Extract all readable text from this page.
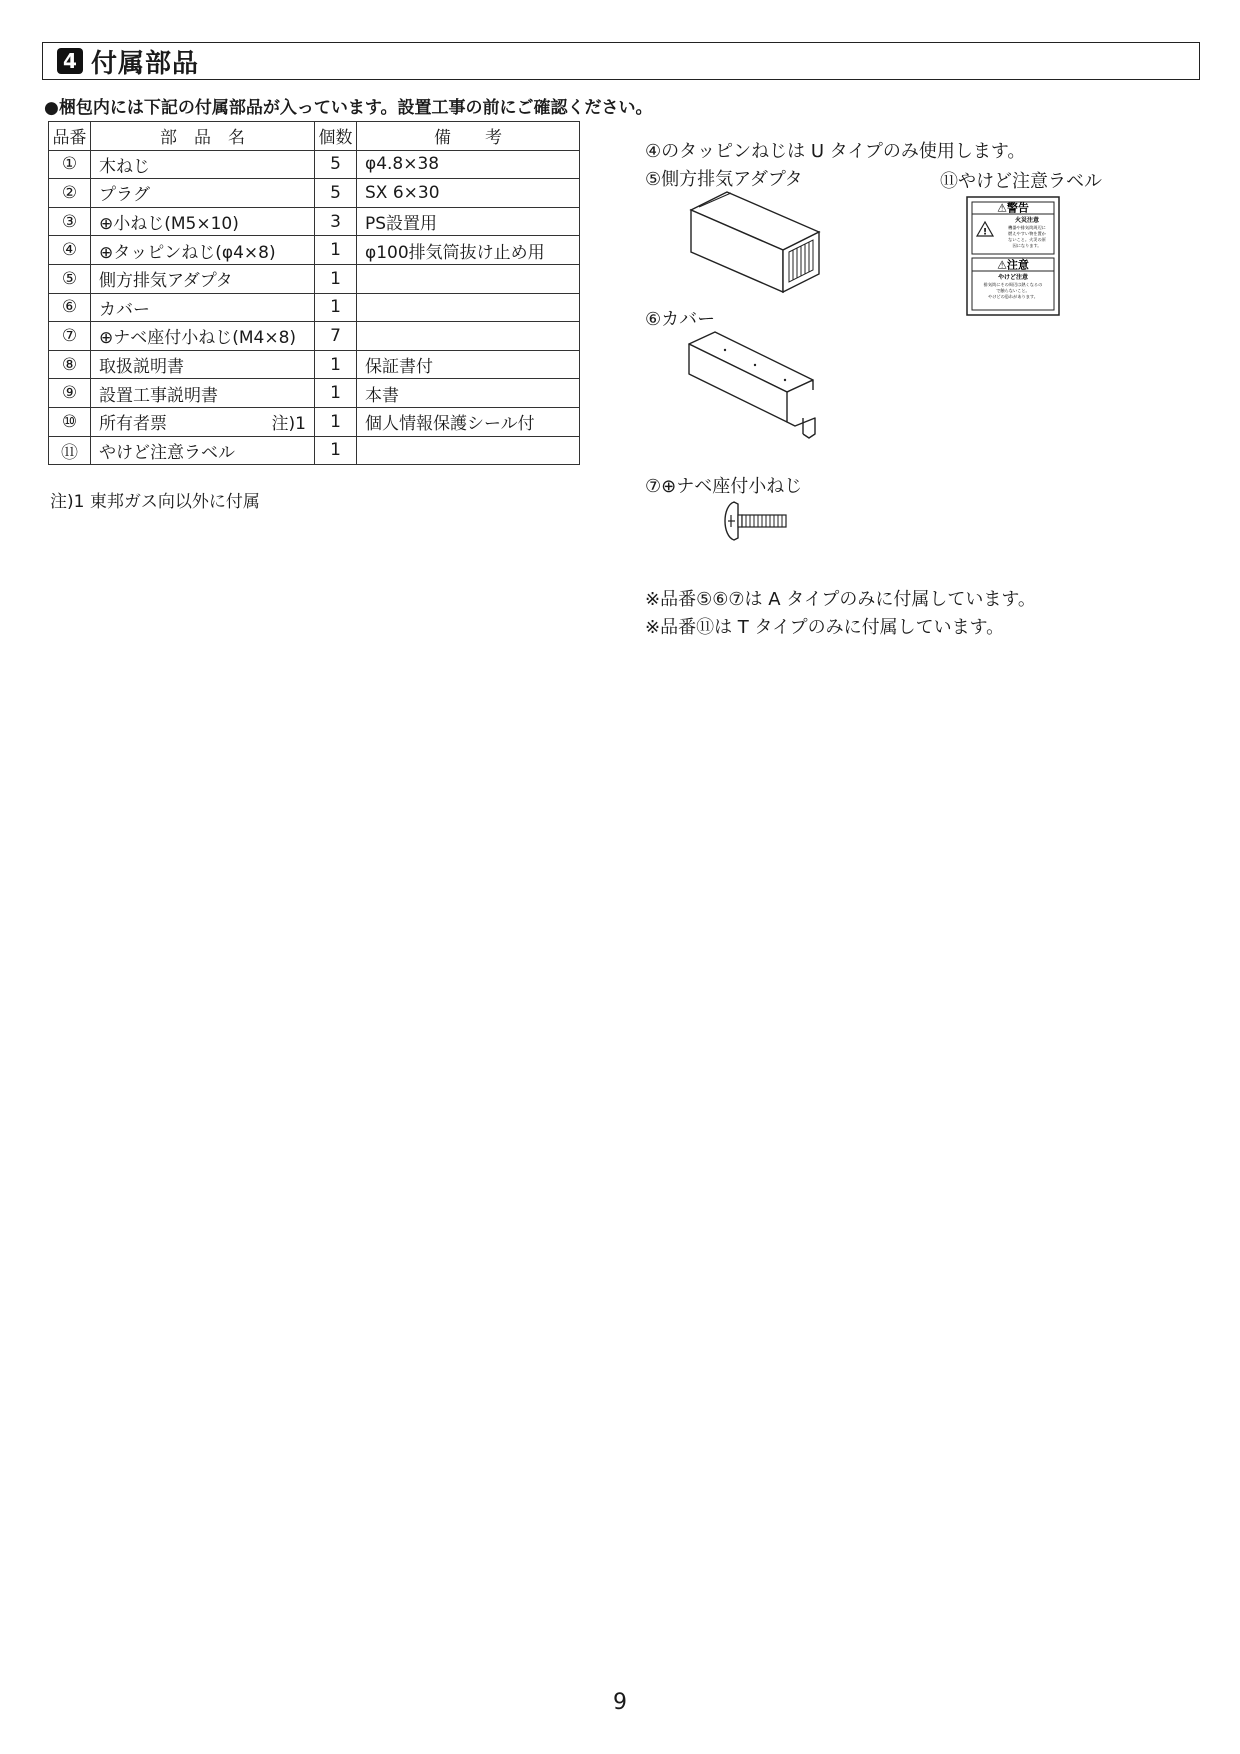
4 付属部品
●梱包内には下記の付属部品が入っています。設置工事の前にご確認ください。
品番	部　品　名	個数	備　　考
①	木ねじ	5	φ4.8×38
②	プラグ	5	SX 6×30
③	⊕小ねじ(M5×10)	3	PS設置用
④	⊕タッピンねじ(φ4×8)	1	φ100排気筒抜け止め用
⑤	側方排気アダプタ	1	
⑥	カバー	1	
⑦	⊕ナベ座付小ねじ(M4×8)	7	
⑧	取扱説明書	1	保証書付
⑨	設置工事説明書	1	本書
⑩	所有者票 注)1	1	個人情報保護シール付
⑪	やけど注意ラベル	1	
注)1 東邦ガス向以外に付属
④のタッピンねじは U タイプのみ使用します。
⑤側方排気アダプタ	⑪やけど注意ラベル
⑥カバー
⑦⊕ナベ座付小ねじ
※品番⑤⑥⑦は A タイプのみに付属しています。
※品番⑪は T タイプのみに付属しています。
⚠警告
!
火災注意
機器や排気筒周辺に
燃えやすい物を置か
ないこと。火災の原
因になります。
⚠注意
やけど注意
排気筒にその周辺は熱くなるの
で触らないこと。
やけどの恐れがあります。
9
